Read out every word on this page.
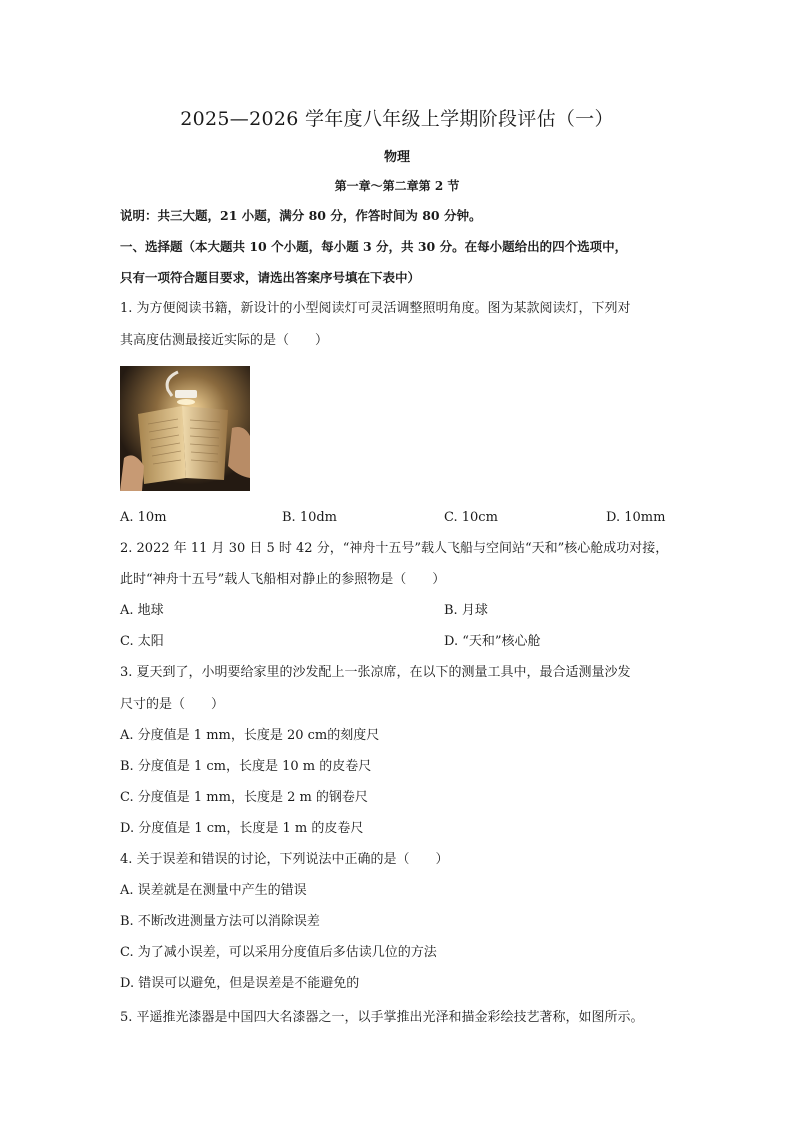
2025—2026 学年度八年级上学期阶段评估（一）
物理
第一章～第二章第 2 节
说明：共三大题，21 小题，满分 80 分，作答时间为 80 分钟。
一、选择题（本大题共 10 个小题，每小题 3 分，共 30 分。在每小题给出的四个选项中，
只有一项符合题目要求，请选出答案序号填在下表中）
1. 为方便阅读书籍，新设计的小型阅读灯可灵活调整照明角度。图为某款阅读灯，下列对
其高度估测最接近实际的是（　　）
A. 10m	B. 10dm	C. 10cm	D. 10mm
2. 2022 年 11 月 30 日 5 时 42 分，“神舟十五号”载人飞船与空间站“天和”核心舱成功对接，
此时“神舟十五号”载人飞船相对静止的参照物是（　　）
A. 地球	B. 月球
C. 太阳	D. “天和”核心舱
3. 夏天到了，小明要给家里的沙发配上一张凉席，在以下的测量工具中，最合适测量沙发
尺寸的是（　　）
A. 分度值是 1 mm，长度是 20 cm的刻度尺
B. 分度值是 1 cm，长度是 10 m 的皮卷尺
C. 分度值是 1 mm，长度是 2 m 的钢卷尺
D. 分度值是 1 cm，长度是 1 m 的皮卷尺
4. 关于误差和错误的讨论，下列说法中正确的是（　　）
A. 误差就是在测量中产生的错误
B. 不断改进测量方法可以消除误差
C. 为了减小误差，可以采用分度值后多估读几位的方法
D. 错误可以避免，但是误差是不能避免的
5. 平遥推光漆器是中国四大名漆器之一，以手掌推出光泽和描金彩绘技艺著称，如图所示。
